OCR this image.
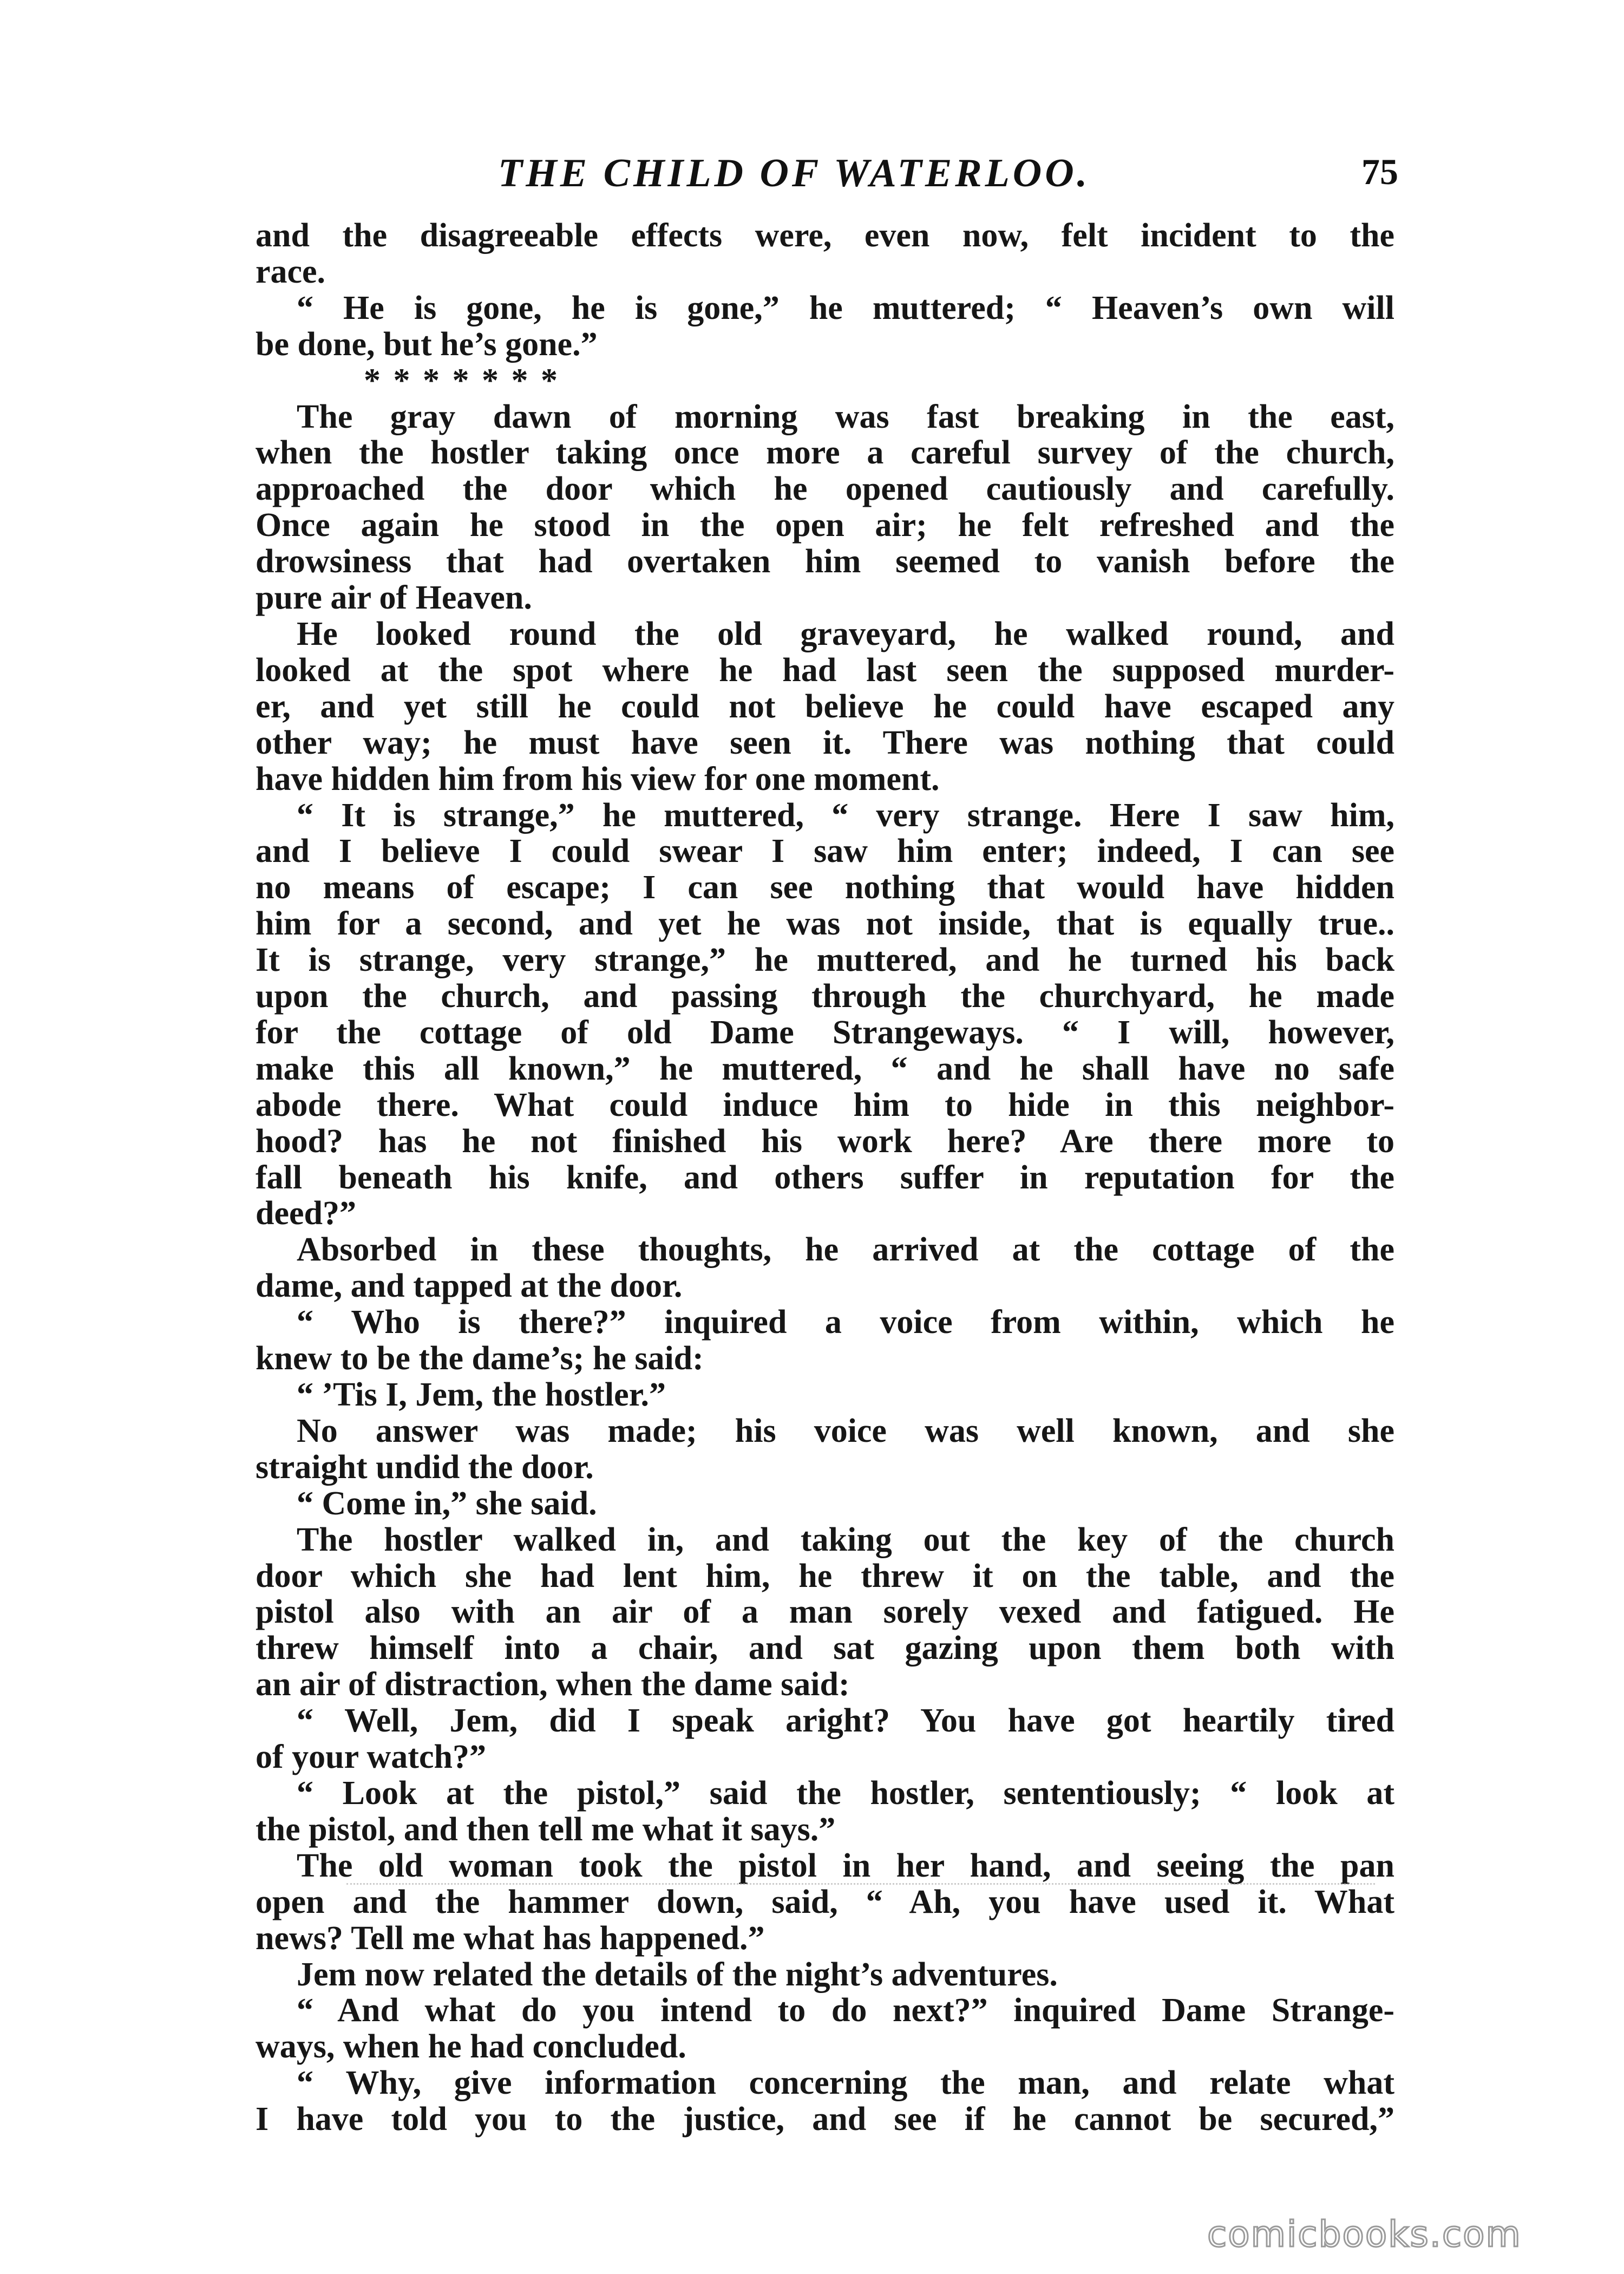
THE CHILD OF WATERLOO.	75
and the disagreeable effects were, even now, felt incident to the
race.
“ He is gone, he is gone,” he muttered; “ Heaven’s own will
be done, but he’s gone.”
* * * * * * *
The gray dawn of morning was fast breaking in the east,
when the hostler taking once more a careful survey of the church,
approached the door which he opened cautiously and carefully.
Once again he stood in the open air; he felt refreshed and the
drowsiness that had overtaken him seemed to vanish before the
pure air of Heaven.
He looked round the old graveyard, he walked round, and
looked at the spot where he had last seen the supposed murder-
er, and yet still he could not believe he could have escaped any
other way; he must have seen it. There was nothing that could
have hidden him from his view for one moment.
“ It is strange,” he muttered, “ very strange. Here I saw him,
and I believe I could swear I saw him enter; indeed, I can see
no means of escape; I can see nothing that would have hidden
him for a second, and yet he was not inside, that is equally true..
It is strange, very strange,” he muttered, and he turned his back
upon the church, and passing through the churchyard, he made
for the cottage of old Dame Strangeways. “ I will, however,
make this all known,” he muttered, “ and he shall have no safe
abode there. What could induce him to hide in this neighbor-
hood? has he not finished his work here? Are there more to
fall beneath his knife, and others suffer in reputation for the
deed?”
Absorbed in these thoughts, he arrived at the cottage of the
dame, and tapped at the door.
“ Who is there?” inquired a voice from within, which he
knew to be the dame’s; he said:
“ ’Tis I, Jem, the hostler.”
No answer was made; his voice was well known, and she
straight undid the door.
“ Come in,” she said.
The hostler walked in, and taking out the key of the church
door which she had lent him, he threw it on the table, and the
pistol also with an air of a man sorely vexed and fatigued. He
threw himself into a chair, and sat gazing upon them both with
an air of distraction, when the dame said:
“ Well, Jem, did I speak aright? You have got heartily tired
of your watch?”
“ Look at the pistol,” said the hostler, sententiously; “ look at
the pistol, and then tell me what it says.”
The old woman took the pistol in her hand, and seeing the pan
open and the hammer down, said, “ Ah, you have used it. What
news? Tell me what has happened.”
Jem now related the details of the night’s adventures.
“ And what do you intend to do next?” inquired Dame Strange-
ways, when he had concluded.
“ Why, give information concerning the man, and relate what
I have told you to the justice, and see if he cannot be secured,”
comicbooks.com
